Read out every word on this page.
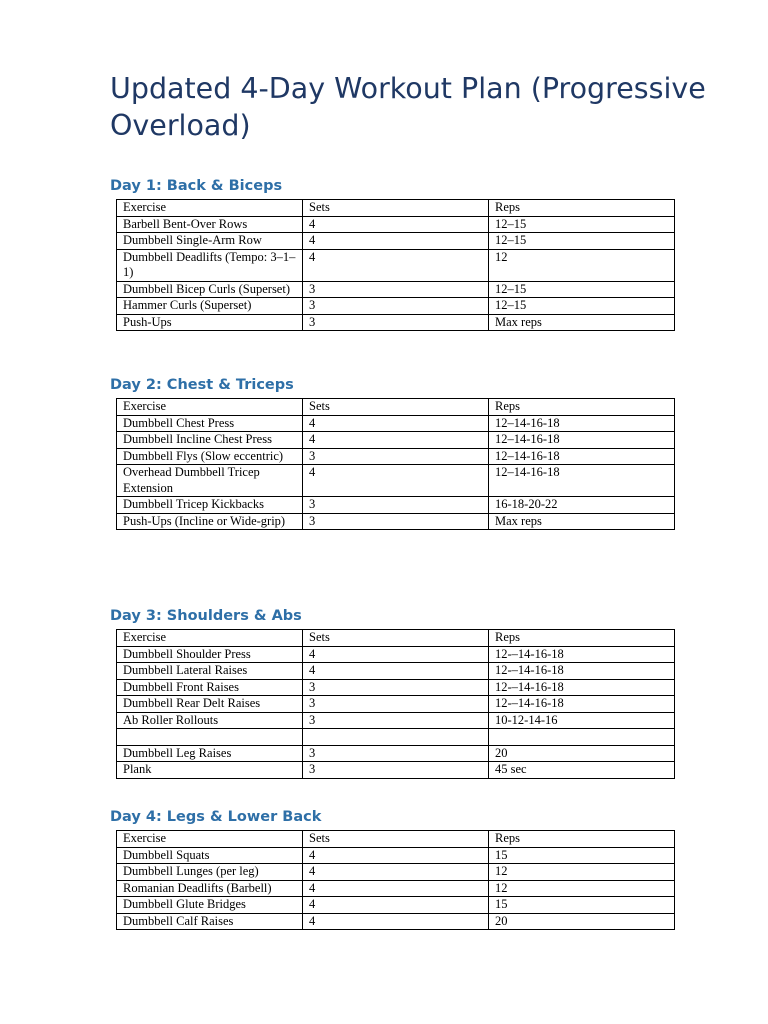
Updated 4-Day Workout Plan (Progressive Overload)
Day 1: Back & Biceps
Exercise	Sets	Reps
Barbell Bent-Over Rows	4	12–15
Dumbbell Single-Arm Row	4	12–15
Dumbbell Deadlifts (Tempo: 3–1–1)	4	12
Dumbbell Bicep Curls (Superset)	3	12–15
Hammer Curls (Superset)	3	12–15
Push-Ups	3	Max reps
Day 2: Chest & Triceps
Exercise	Sets	Reps
Dumbbell Chest Press	4	12–14-16-18
Dumbbell Incline Chest Press	4	12–14-16-18
Dumbbell Flys (Slow eccentric)	3	12–14-16-18
Overhead Dumbbell Tricep Extension	4	12–14-16-18
Dumbbell Tricep Kickbacks	3	16-18-20-22
Push-Ups (Incline or Wide-grip)	3	Max reps
Day 3: Shoulders & Abs
Exercise	Sets	Reps
Dumbbell Shoulder Press	4	12-–14-16-18
Dumbbell Lateral Raises	4	12-–14-16-18
Dumbbell Front Raises	3	12-–14-16-18
Dumbbell Rear Delt Raises	3	12-–14-16-18
Ab Roller Rollouts	3	10-12-14-16

Dumbbell Leg Raises	3	20
Plank	3	45 sec
Day 4: Legs & Lower Back
Exercise	Sets	Reps
Dumbbell Squats	4	15
Dumbbell Lunges (per leg)	4	12
Romanian Deadlifts (Barbell)	4	12
Dumbbell Glute Bridges	4	15
Dumbbell Calf Raises	4	20
